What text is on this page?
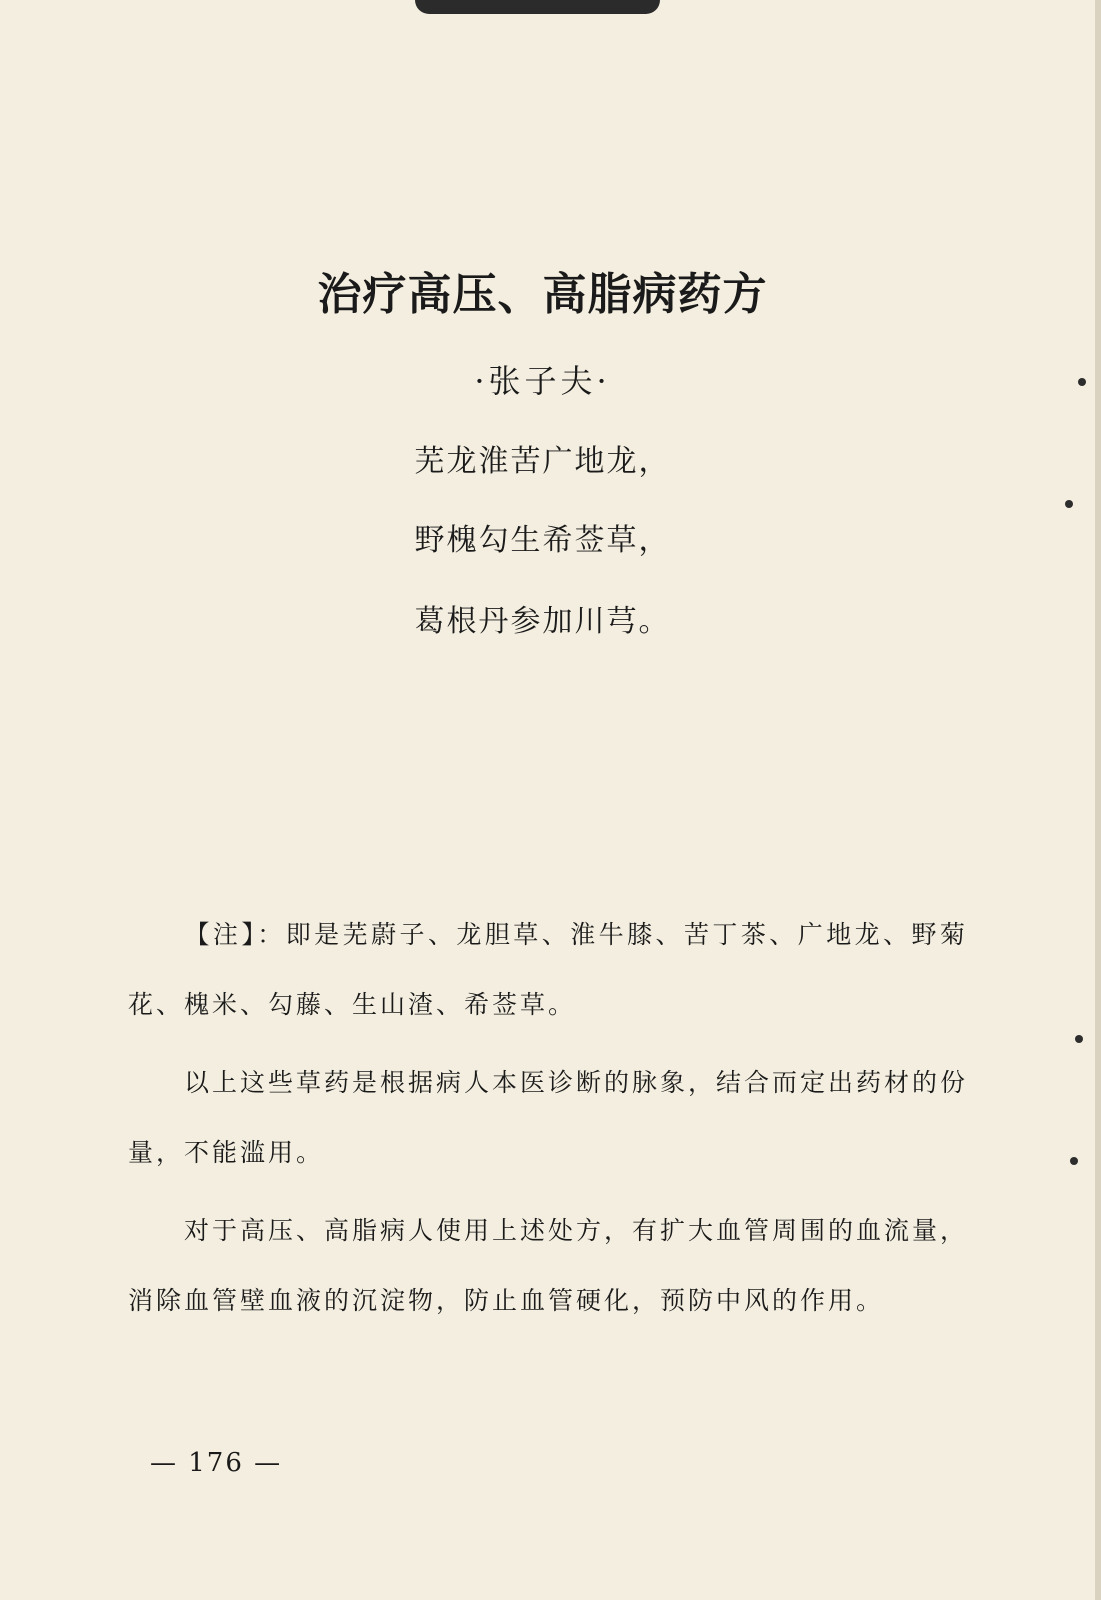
治疗高压、高脂病药方
·张子夫·
芜龙淮苦广地龙，
野槐勾生希莶草，
葛根丹参加川芎。
【注】：即是芜蔚子、龙胆草、淮牛膝、苦丁茶、广地龙、野菊花、槐米、勾藤、生山渣、希莶草。
以上这些草药是根据病人本医诊断的脉象，结合而定出药材的份量，不能滥用。
对于高压、高脂病人使用上述处方，有扩大血管周围的血流量，消除血管壁血液的沉淀物，防止血管硬化，预防中风的作用。
— 176 —
